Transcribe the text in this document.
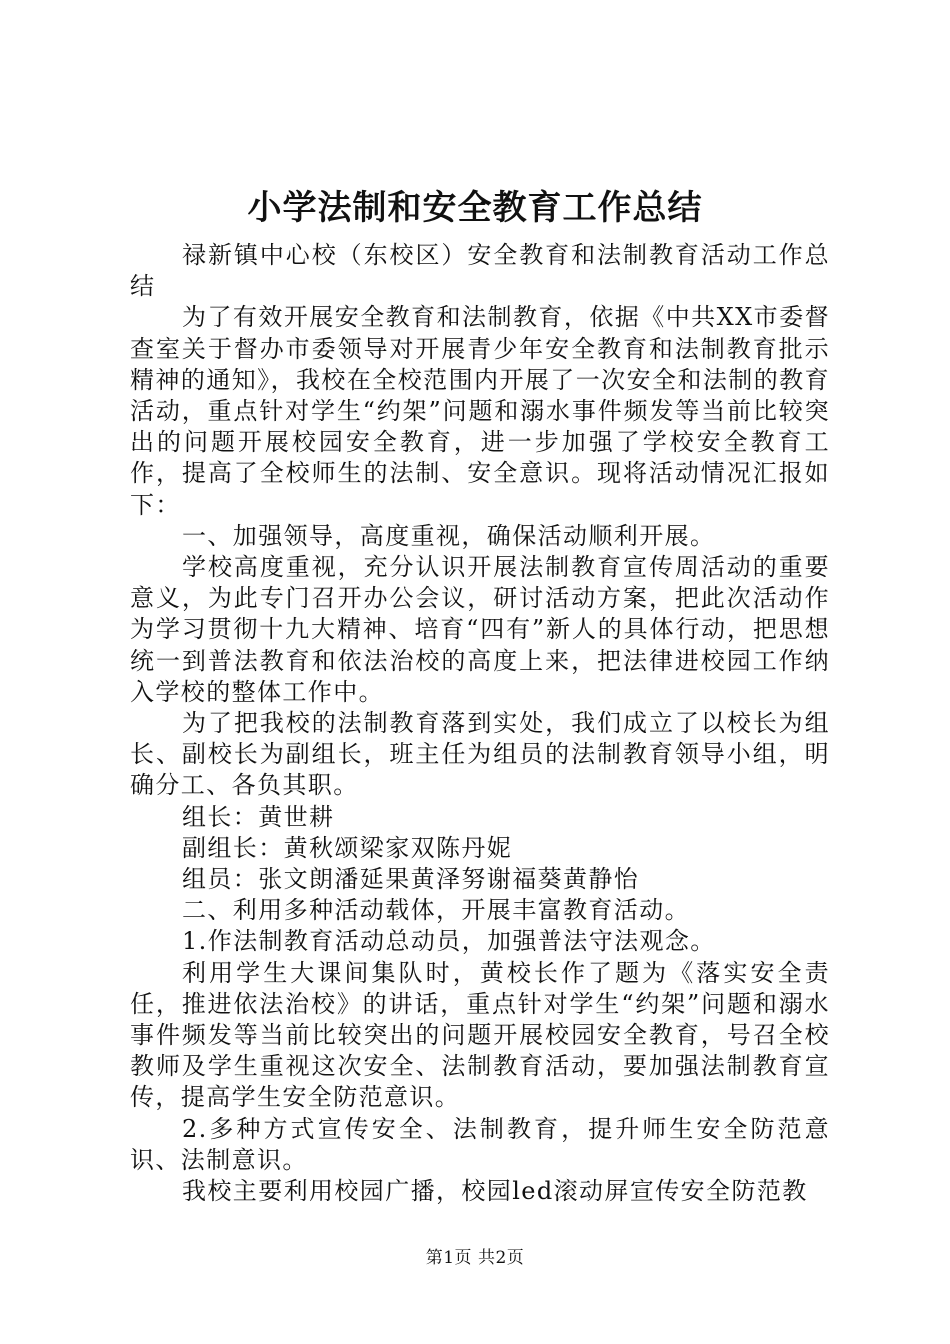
小学法制和安全教育工作总结

禄新镇中心校（东校区）安全教育和法制教育活动工作总结

为了有效开展安全教育和法制教育，依据《中共XX市委督查室关于督办市委领导对开展青少年安全教育和法制教育批示精神的通知》，我校在全校范围内开展了一次安全和法制的教育活动，重点针对学生“约架”问题和溺水事件频发等当前比较突出的问题开展校园安全教育，进一步加强了学校安全教育工作，提高了全校师生的法制、安全意识。现将活动情况汇报如下：

一、加强领导，高度重视，确保活动顺利开展。

学校高度重视，充分认识开展法制教育宣传周活动的重要意义，为此专门召开办公会议，研讨活动方案，把此次活动作为学习贯彻十九大精神、培育“四有”新人的具体行动，把思想统一到普法教育和依法治校的高度上来，把法律进校园工作纳入学校的整体工作中。

为了把我校的法制教育落到实处，我们成立了以校长为组长、副校长为副组长，班主任为组员的法制教育领导小组，明确分工、各负其职。

组长：黄世耕

副组长：黄秋颂梁家双陈丹妮

组员：张文朗潘延果黄泽努谢福葵黄静怡

二、利用多种活动载体，开展丰富教育活动。

1.作法制教育活动总动员，加强普法守法观念。

利用学生大课间集队时，黄校长作了题为《落实安全责任，推进依法治校》的讲话，重点针对学生“约架”问题和溺水事件频发等当前比较突出的问题开展校园安全教育，号召全校教师及学生重视这次安全、法制教育活动，要加强法制教育宣传，提高学生安全防范意识。

2.多种方式宣传安全、法制教育，提升师生安全防范意识、法制意识。

我校主要利用校园广播，校园led滚动屏宣传安全防范教

第1页 共2页
